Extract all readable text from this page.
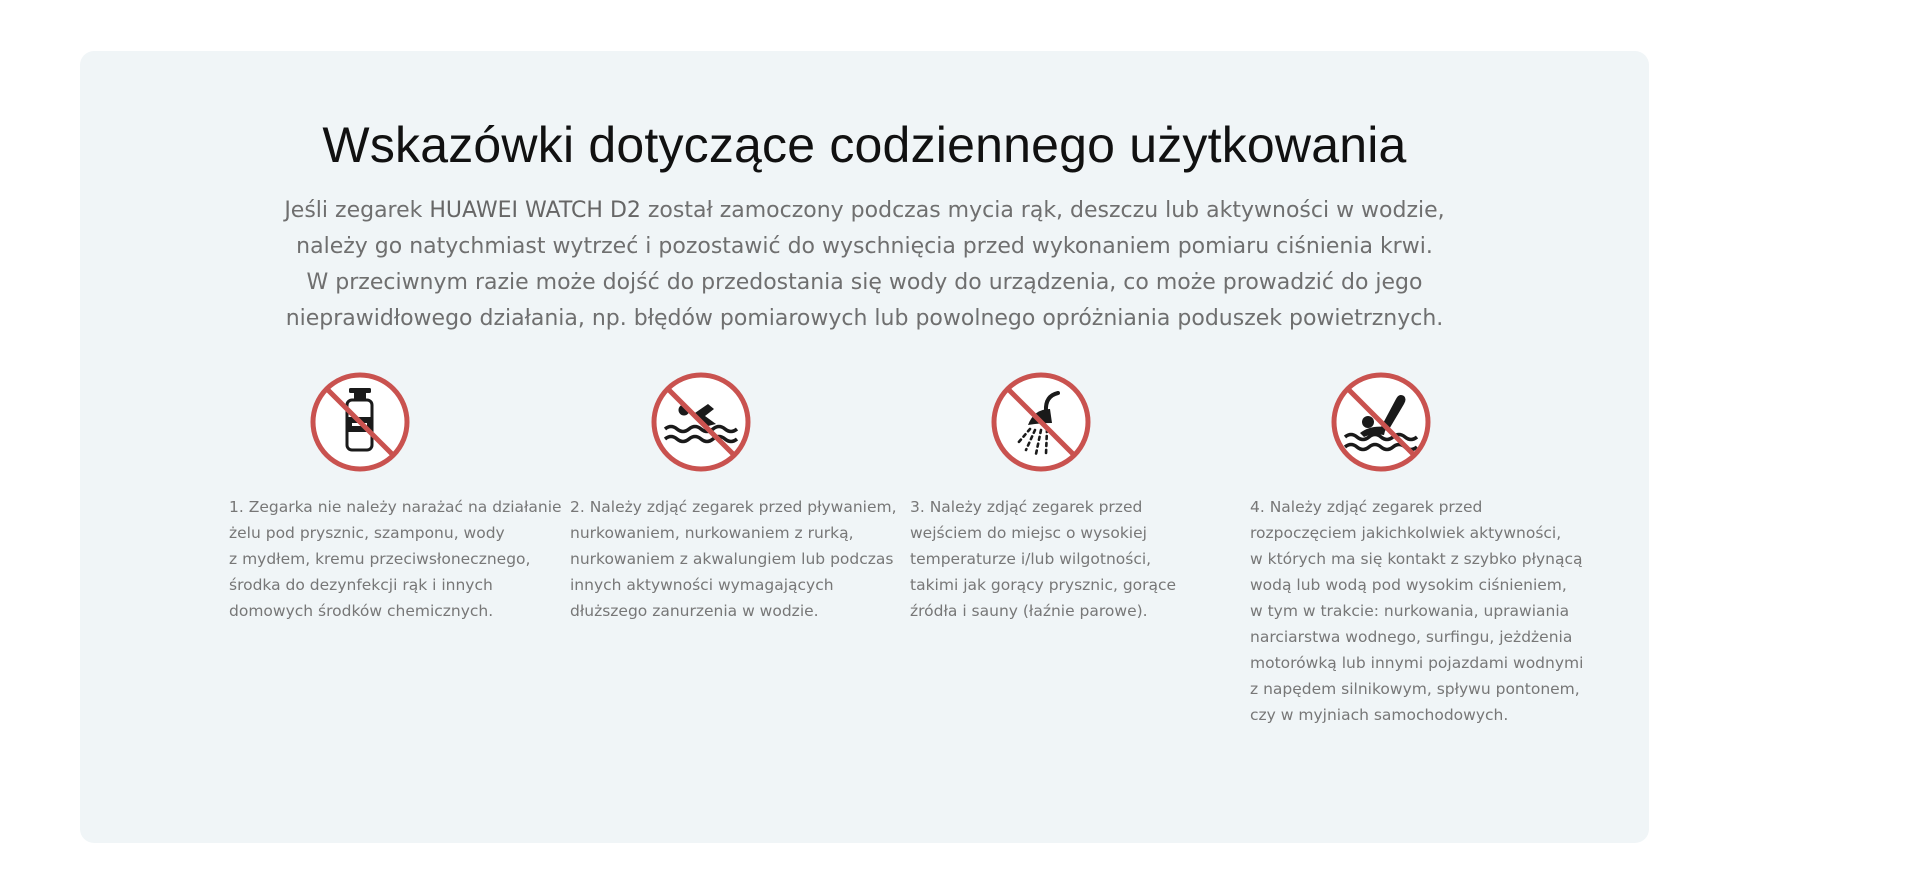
Wskazówki dotyczące codziennego użytkowania

Jeśli zegarek HUAWEI WATCH D2 został zamoczony podczas mycia rąk, deszczu lub aktywności w wodzie,
należy go natychmiast wytrzeć i pozostawić do wyschnięcia przed wykonaniem pomiaru ciśnienia krwi.
W przeciwnym razie może dojść do przedostania się wody do urządzenia, co może prowadzić do jego
nieprawidłowego działania, np. błędów pomiarowych lub powolnego opróżniania poduszek powietrznych.

1. Zegarka nie należy narażać na działanie
żelu pod prysznic, szamponu, wody
z mydłem, kremu przeciwsłonecznego,
środka do dezynfekcji rąk i innych
domowych środków chemicznych.

2. Należy zdjąć zegarek przed pływaniem,
nurkowaniem, nurkowaniem z rurką,
nurkowaniem z akwalungiem lub podczas
innych aktywności wymagających
dłuższego zanurzenia w wodzie.

3. Należy zdjąć zegarek przed
wejściem do miejsc o wysokiej
temperaturze i/lub wilgotności,
takimi jak gorący prysznic, gorące
źródła i sauny (łaźnie parowe).

4. Należy zdjąć zegarek przed
rozpoczęciem jakichkolwiek aktywności,
w których ma się kontakt z szybko płynącą
wodą lub wodą pod wysokim ciśnieniem,
w tym w trakcie: nurkowania, uprawiania
narciarstwa wodnego, surfingu, jeżdżenia
motorówką lub innymi pojazdami wodnymi
z napędem silnikowym, spływu pontonem,
czy w myjniach samochodowych.
